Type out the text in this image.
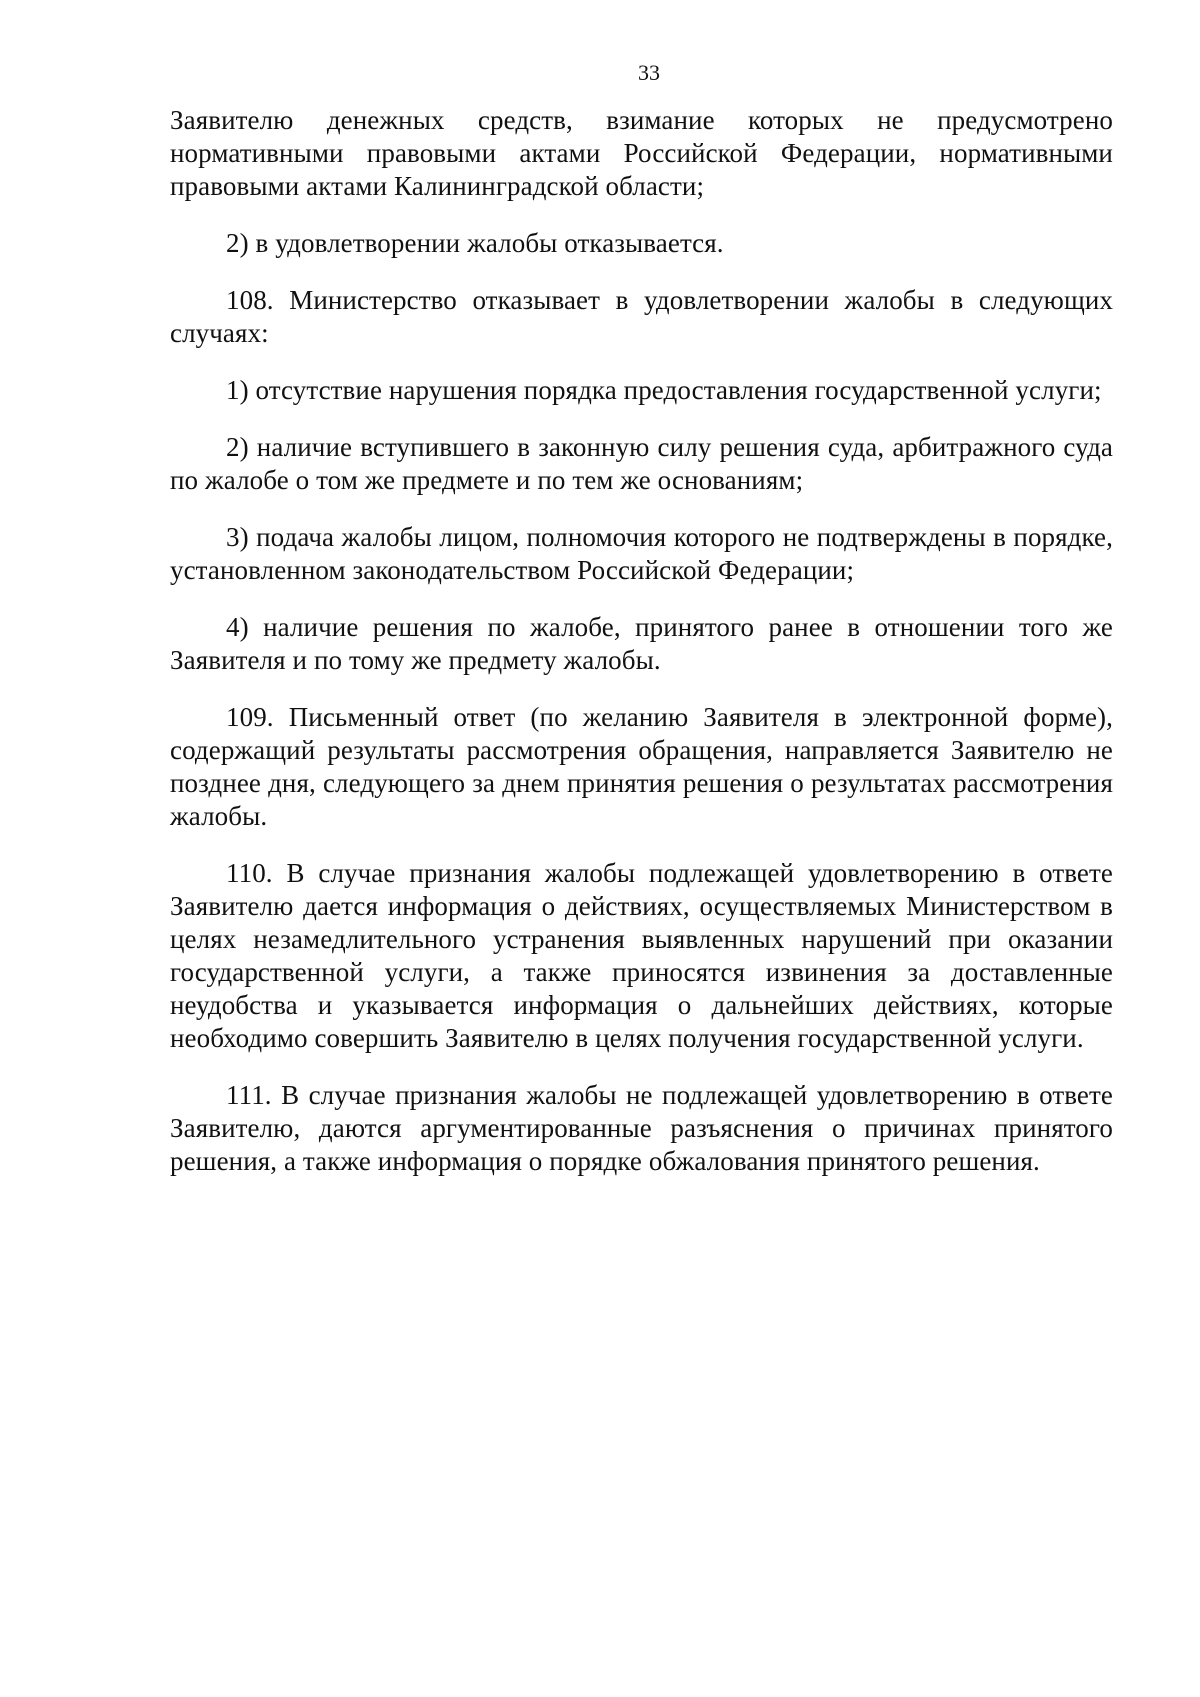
33

Заявителю денежных средств, взимание которых не предусмотрено нормативными правовыми актами Российской Федерации, нормативными правовыми актами Калининградской области;

2) в удовлетворении жалобы отказывается.

108. Министерство отказывает в удовлетворении жалобы в следующих случаях:

1) отсутствие нарушения порядка предоставления государственной услуги;

2) наличие вступившего в законную силу решения суда, арбитражного суда по жалобе о том же предмете и по тем же основаниям;

3) подача жалобы лицом, полномочия которого не подтверждены в порядке, установленном законодательством Российской Федерации;

4) наличие решения по жалобе, принятого ранее в отношении того же Заявителя и по тому же предмету жалобы.

109. Письменный ответ (по желанию Заявителя в электронной форме), содержащий результаты рассмотрения обращения, направляется Заявителю не позднее дня, следующего за днем принятия решения о результатах рассмотрения жалобы.

110. В случае признания жалобы подлежащей удовлетворению в ответе Заявителю дается информация о действиях, осуществляемых Министерством в целях незамедлительного устранения выявленных нарушений при оказании государственной услуги, а также приносятся извинения за доставленные неудобства и указывается информация о дальнейших действиях, которые необходимо совершить Заявителю в целях получения государственной услуги.

111. В случае признания жалобы не подлежащей удовлетворению в ответе Заявителю, даются аргументированные разъяснения о причинах принятого решения, а также информация о порядке обжалования принятого решения.
